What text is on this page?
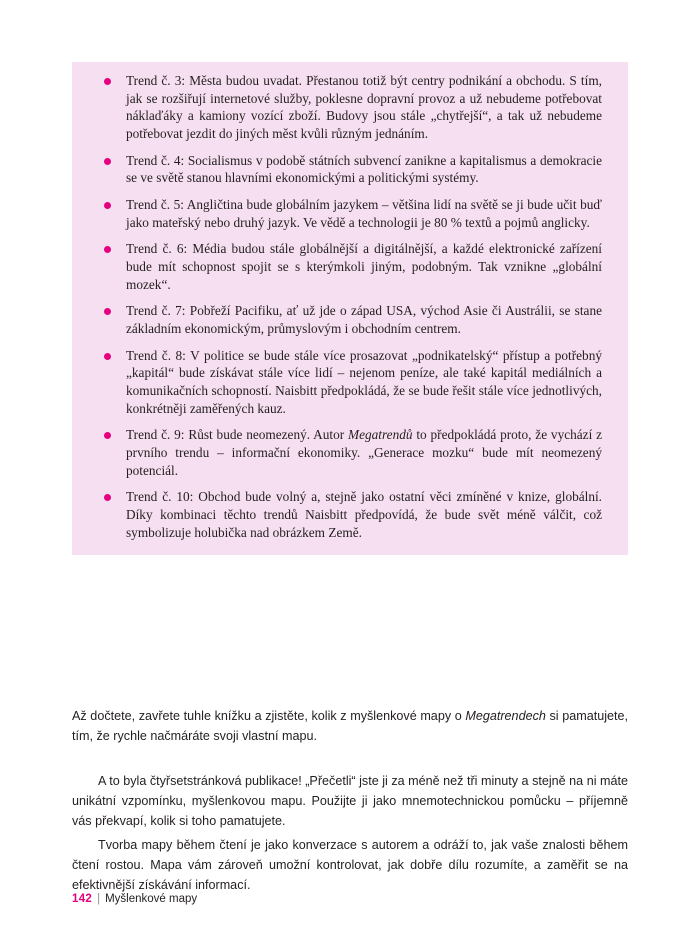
Trend č. 3: Města budou uvadat. Přestanou totiž být centry podnikání a obchodu. S tím, jak se rozšiřují internetové služby, poklesne dopravní provoz a už nebudeme potřebovat náklaďáky a kamiony vozící zboží. Budovy jsou stále „chytřejší“, a tak už nebudeme potřebovat jezdit do jiných měst kvůli různým jednáním.
Trend č. 4: Socialismus v podobě státních subvencí zanikne a kapitalismus a demokracie se ve světě stanou hlavními ekonomickými a politickými systémy.
Trend č. 5: Angličtina bude globálním jazykem – většina lidí na světě se ji bude učit buď jako mateřský nebo druhý jazyk. Ve vědě a technologii je 80 % textů a pojmů anglicky.
Trend č. 6: Média budou stále globálnější a digitálnější, a každé elektronické zařízení bude mít schopnost spojit se s kterýmkoli jiným, podobným. Tak vznikne „globální mozek“.
Trend č. 7: Pobřeží Pacifiku, ať už jde o západ USA, východ Asie či Austrálii, se stane základním ekonomickým, průmyslovým i obchodním centrem.
Trend č. 8: V politice se bude stále více prosazovat „podnikatelský“ přístup a potřebný „kapitál“ bude získávat stále více lidí – nejenom peníze, ale také kapitál mediálních a komunikačních schopností. Naisbitt předpokládá, že se bude řešit stále více jednotlivých, konkrétněji zaměřených kauz.
Trend č. 9: Růst bude neomezený. Autor Megatrendů to předpokládá proto, že vychází z prvního trendu – informační ekonomiky. „Generace mozku“ bude mít neomezený potenciál.
Trend č. 10: Obchod bude volný a, stejně jako ostatní věci zmíněné v knize, globální. Díky kombinaci těchto trendů Naisbitt předpovídá, že bude svět méně válčit, což symbolizuje holubička nad obrázkem Země.

Až dočtete, zavřete tuhle knížku a zjistěte, kolik z myšlenkové mapy o Megatrendech si pamatujete, tím, že rychle načmáráte svoji vlastní mapu.

A to byla čtyřsetstránková publikace! „Přečetli“ jste ji za méně než tři minuty a stejně na ni máte unikátní vzpomínku, myšlenkovou mapu. Použijte ji jako mnemotechnickou pomůcku – příjemně vás překvapí, kolik si toho pamatujete.

Tvorba mapy během čtení je jako konverzace s autorem a odráží to, jak vaše znalosti během čtení rostou. Mapa vám zároveň umožní kontrolovat, jak dobře dílu rozumíte, a zaměřit se na efektivnější získávání informací.

142 | Myšlenkové mapy
